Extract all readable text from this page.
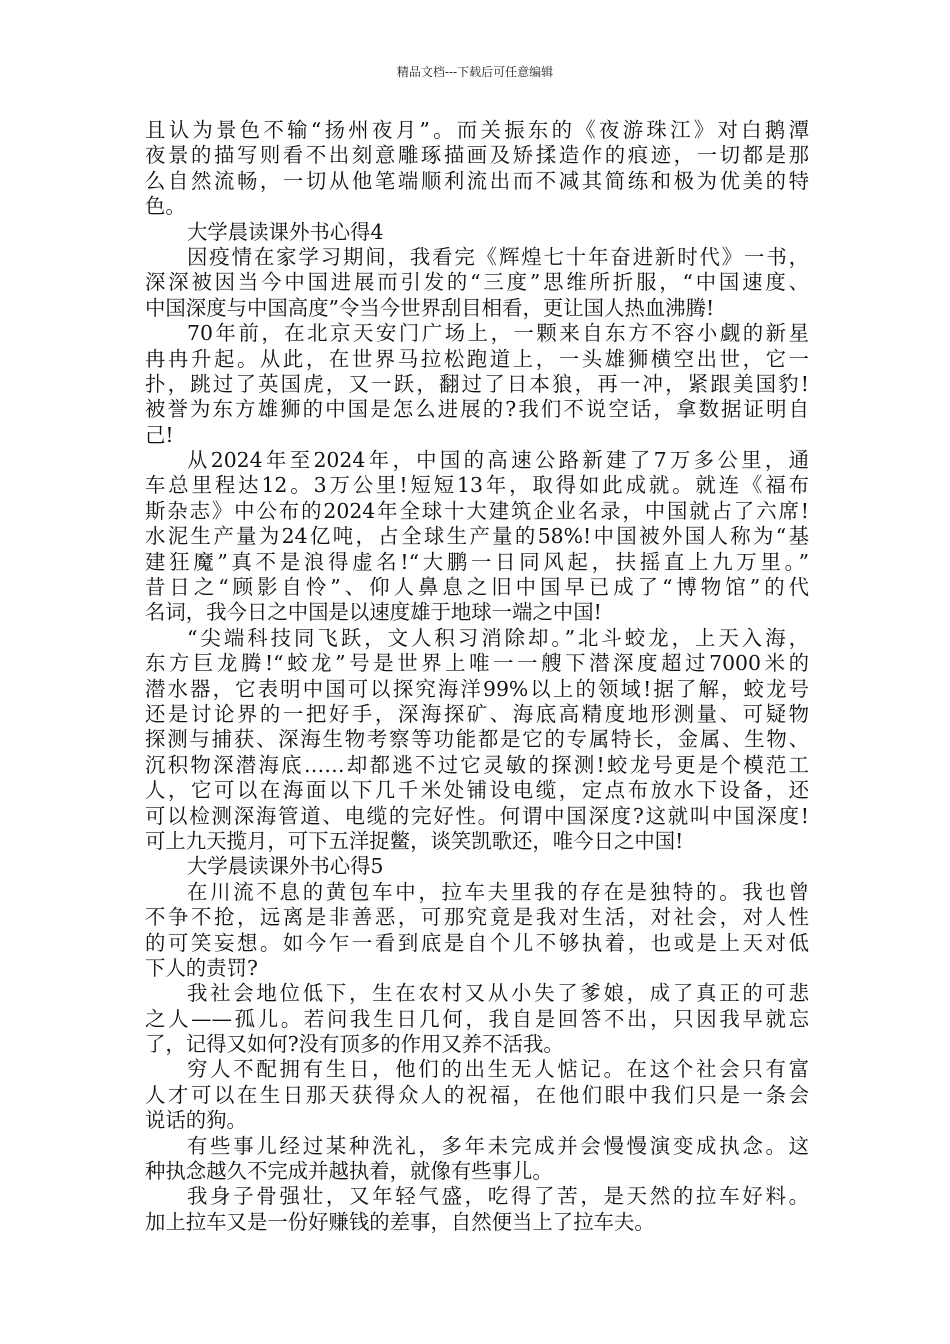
精品文档---下载后可任意编辑
且认为景色不输“扬州夜月”。而关振东的《夜游珠江》对白鹅潭
夜景的描写则看不出刻意雕琢描画及矫揉造作的痕迹，一切都是那
么自然流畅，一切从他笔端顺利流出而不减其简练和极为优美的特
色。
大学晨读课外书心得4
因疫情在家学习期间，我看完《辉煌七十年奋进新时代》一书，
深深被因当今中国进展而引发的“三度”思维所折服，“中国速度、
中国深度与中国高度”令当今世界刮目相看，更让国人热血沸腾!
70年前，在北京天安门广场上，一颗来自东方不容小觑的新星
冉冉升起。从此，在世界马拉松跑道上，一头雄狮横空出世，它一
扑，跳过了英国虎，又一跃，翻过了日本狼，再一冲，紧跟美国豹!
被誉为东方雄狮的中国是怎么进展的?我们不说空话，拿数据证明自
己!
从2024年至2024年，中国的高速公路新建了7万多公里，通
车总里程达12。3万公里!短短13年，取得如此成就。就连《福布
斯杂志》中公布的2024年全球十大建筑企业名录，中国就占了六席!
水泥生产量为24亿吨，占全球生产量的58%!中国被外国人称为“基
建狂魔”真不是浪得虚名!“大鹏一日同风起，扶摇直上九万里。”
昔日之“顾影自怜”、仰人鼻息之旧中国早已成了“博物馆”的代
名词，我今日之中国是以速度雄于地球一端之中国!
“尖端科技同飞跃，文人积习消除却。”北斗蛟龙，上天入海，
东方巨龙腾!“蛟龙”号是世界上唯一一艘下潜深度超过7000米的
潜水器，它表明中国可以探究海洋99%以上的领域!据了解，蛟龙号
还是讨论界的一把好手，深海探矿、海底高精度地形测量、可疑物
探测与捕获、深海生物考察等功能都是它的专属特长，金属、生物、
沉积物深潜海底……却都逃不过它灵敏的探测!蛟龙号更是个模范工
人，它可以在海面以下几千米处铺设电缆，定点布放水下设备，还
可以检测深海管道、电缆的完好性。何谓中国深度?这就叫中国深度!
可上九天揽月，可下五洋捉鳖，谈笑凯歌还，唯今日之中国!
大学晨读课外书心得5
在川流不息的黄包车中，拉车夫里我的存在是独特的。我也曾
不争不抢，远离是非善恶，可那究竟是我对生活，对社会，对人性
的可笑妄想。如今乍一看到底是自个儿不够执着，也或是上天对低
下人的责罚?
我社会地位低下，生在农村又从小失了爹娘，成了真正的可悲
之人——孤儿。若问我生日几何，我自是回答不出，只因我早就忘
了，记得又如何?没有顶多的作用又养不活我。
穷人不配拥有生日，他们的出生无人惦记。在这个社会只有富
人才可以在生日那天获得众人的祝福，在他们眼中我们只是一条会
说话的狗。
有些事儿经过某种洗礼，多年未完成并会慢慢演变成执念。这
种执念越久不完成并越执着，就像有些事儿。
我身子骨强壮，又年轻气盛，吃得了苦，是天然的拉车好料。
加上拉车又是一份好赚钱的差事，自然便当上了拉车夫。
